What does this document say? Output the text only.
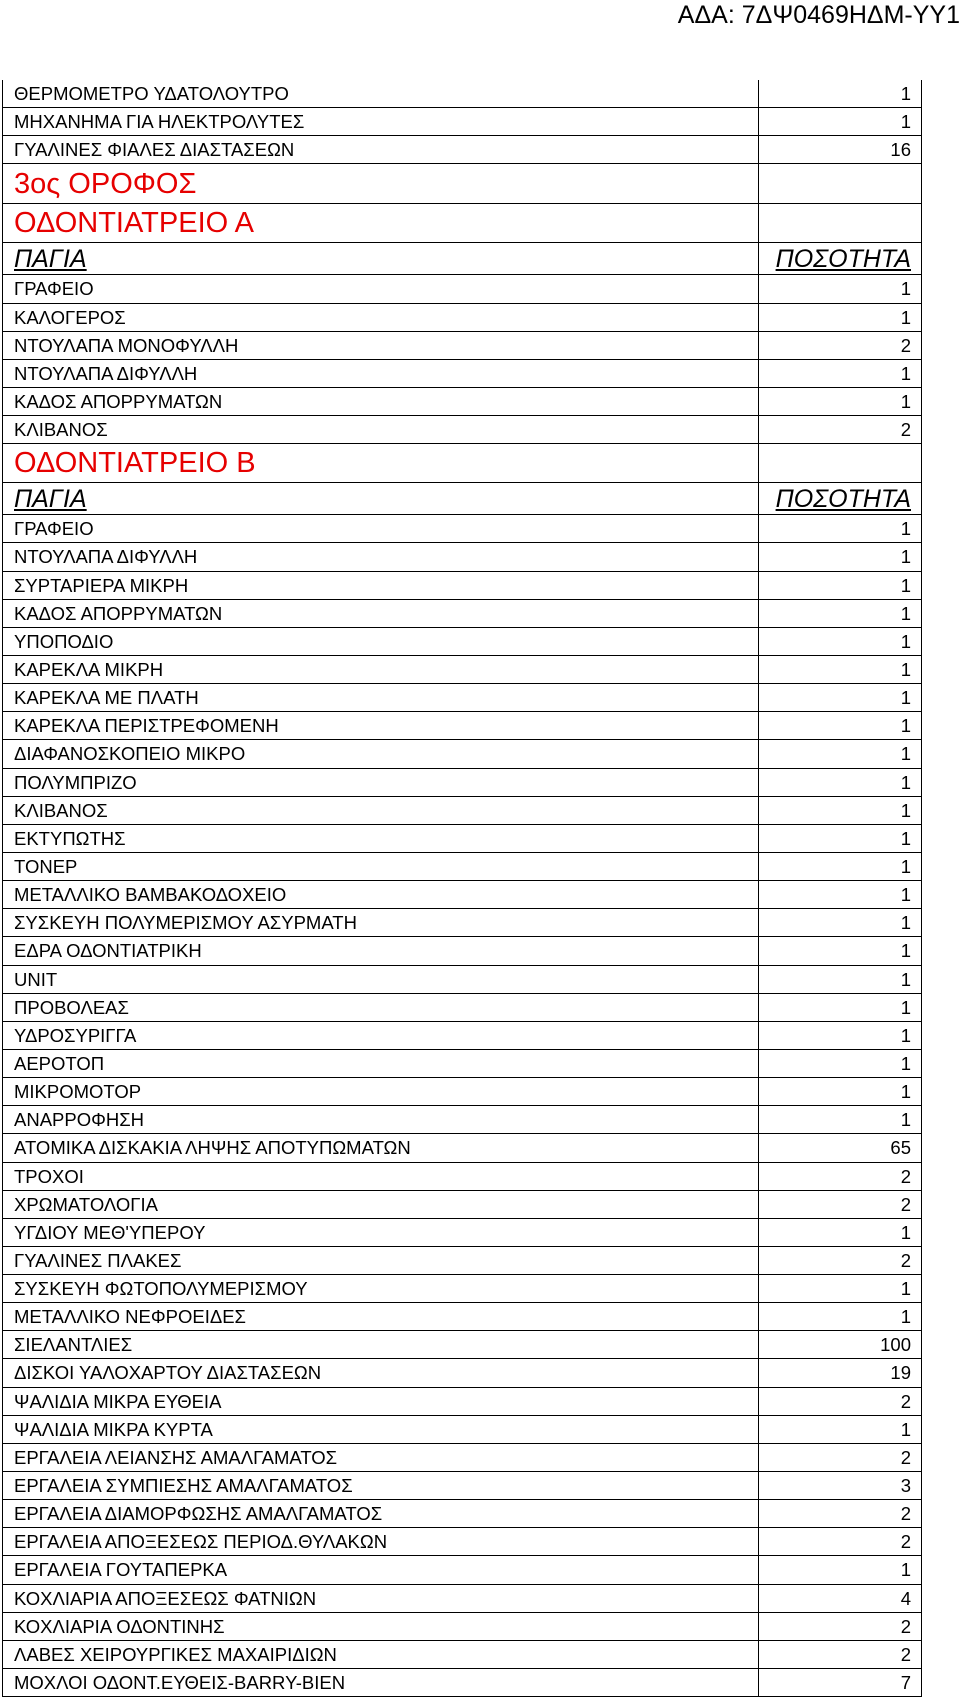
ΑΔΑ: 7ΔΨ0469ΗΔΜ-ΥΥ1
ΘΕΡΜΟΜΕΤΡΟ ΥΔΑΤΟΛΟΥΤΡΟ	1
ΜΗΧΑΝΗΜΑ ΓΙΑ ΗΛΕΚΤΡΟΛΥΤΕΣ	1
ΓΥΑΛΙΝΕΣ ΦΙΑΛΕΣ ΔΙΑΣΤΑΣΕΩΝ	16
3ος ΟΡΟΦΟΣ
ΟΔΟΝΤΙΑΤΡΕΙΟ Α
ΠΑΓΙΑ	ΠΟΣΟΤΗΤΑ
ΓΡΑΦΕΙΟ	1
ΚΑΛΟΓΕΡΟΣ	1
ΝΤΟΥΛΑΠΑ ΜΟΝΟΦΥΛΛΗ	2
ΝΤΟΥΛΑΠΑ ΔΙΦΥΛΛΗ	1
ΚΑΔΟΣ ΑΠΟΡΡΥΜΑΤΩΝ	1
ΚΛΙΒΑΝΟΣ	2
ΟΔΟΝΤΙΑΤΡΕΙΟ Β
ΠΑΓΙΑ	ΠΟΣΟΤΗΤΑ
ΓΡΑΦΕΙΟ	1
ΝΤΟΥΛΑΠΑ ΔΙΦΥΛΛΗ	1
ΣΥΡΤΑΡΙΕΡΑ ΜΙΚΡΗ	1
ΚΑΔΟΣ ΑΠΟΡΡΥΜΑΤΩΝ	1
ΥΠΟΠΟΔΙΟ	1
ΚΑΡΕΚΛΑ ΜΙΚΡΗ	1
ΚΑΡΕΚΛΑ ΜΕ ΠΛΑΤΗ	1
ΚΑΡΕΚΛΑ ΠΕΡΙΣΤΡΕΦΟΜΕΝΗ	1
ΔΙΑΦΑΝΟΣΚΟΠΕΙΟ ΜΙΚΡΟ	1
ΠΟΛΥΜΠΡΙΖΟ	1
ΚΛΙΒΑΝΟΣ	1
ΕΚΤΥΠΩΤΗΣ	1
ΤΟΝΕΡ	1
ΜΕΤΑΛΛΙΚΟ ΒΑΜΒΑΚΟΔΟΧΕΙΟ	1
ΣΥΣΚΕΥΗ ΠΟΛΥΜΕΡΙΣΜΟΥ ΑΣΥΡΜΑΤΗ	1
ΕΔΡΑ ΟΔΟΝΤΙΑΤΡΙΚΗ	1
UNIT	1
ΠΡΟΒΟΛΕΑΣ	1
ΥΔΡΟΣΥΡΙΓΓΑ	1
ΑΕΡΟΤΟΠ	1
ΜΙΚΡΟΜΟΤΟΡ	1
ΑΝΑΡΡΟΦΗΣΗ	1
ΑΤΟΜΙΚΑ ΔΙΣΚΑΚΙΑ ΛΗΨΗΣ ΑΠΟΤΥΠΩΜΑΤΩΝ	65
ΤΡΟΧΟΙ	2
ΧΡΩΜΑΤΟΛΟΓΙΑ	2
ΥΓΔΙΟΥ ΜΕΘ'ΥΠΕΡΟΥ	1
ΓΥΑΛΙΝΕΣ ΠΛΑΚΕΣ	2
ΣΥΣΚΕΥΗ ΦΩΤΟΠΟΛΥΜΕΡΙΣΜΟΥ	1
ΜΕΤΑΛΛΙΚΟ ΝΕΦΡΟΕΙΔΕΣ	1
ΣΙΕΛΑΝΤΛΙΕΣ	100
ΔΙΣΚΟΙ ΥΑΛΟΧΑΡΤΟΥ ΔΙΑΣΤΑΣΕΩΝ	19
ΨΑΛΙΔΙΑ ΜΙΚΡΑ ΕΥΘΕΙΑ	2
ΨΑΛΙΔΙΑ ΜΙΚΡΑ ΚΥΡΤΑ	1
ΕΡΓΑΛΕΙΑ ΛΕΙΑΝΣΗΣ ΑΜΑΛΓΑΜΑΤΟΣ	2
ΕΡΓΑΛΕΙΑ ΣΥΜΠΙΕΣΗΣ ΑΜΑΛΓΑΜΑΤΟΣ	3
ΕΡΓΑΛΕΙΑ ΔΙΑΜΟΡΦΩΣΗΣ ΑΜΑΛΓΑΜΑΤΟΣ	2
ΕΡΓΑΛΕΙΑ ΑΠΟΞΕΣΕΩΣ ΠΕΡΙΟΔ.ΘΥΛΑΚΩΝ	2
ΕΡΓΑΛΕΙΑ ΓΟΥΤΑΠΕΡΚΑ	1
ΚΟΧΛΙΑΡΙΑ ΑΠΟΞΕΣΕΩΣ ΦΑΤΝΙΩΝ	4
ΚΟΧΛΙΑΡΙΑ ΟΔΟΝΤΙΝΗΣ	2
ΛΑΒΕΣ ΧΕΙΡΟΥΡΓΙΚΕΣ ΜΑΧΑΙΡΙΔΙΩΝ	2
ΜΟΧΛΟΙ ΟΔΟΝΤ.ΕΥΘΕΙΣ-BARRY-BIEN	7
